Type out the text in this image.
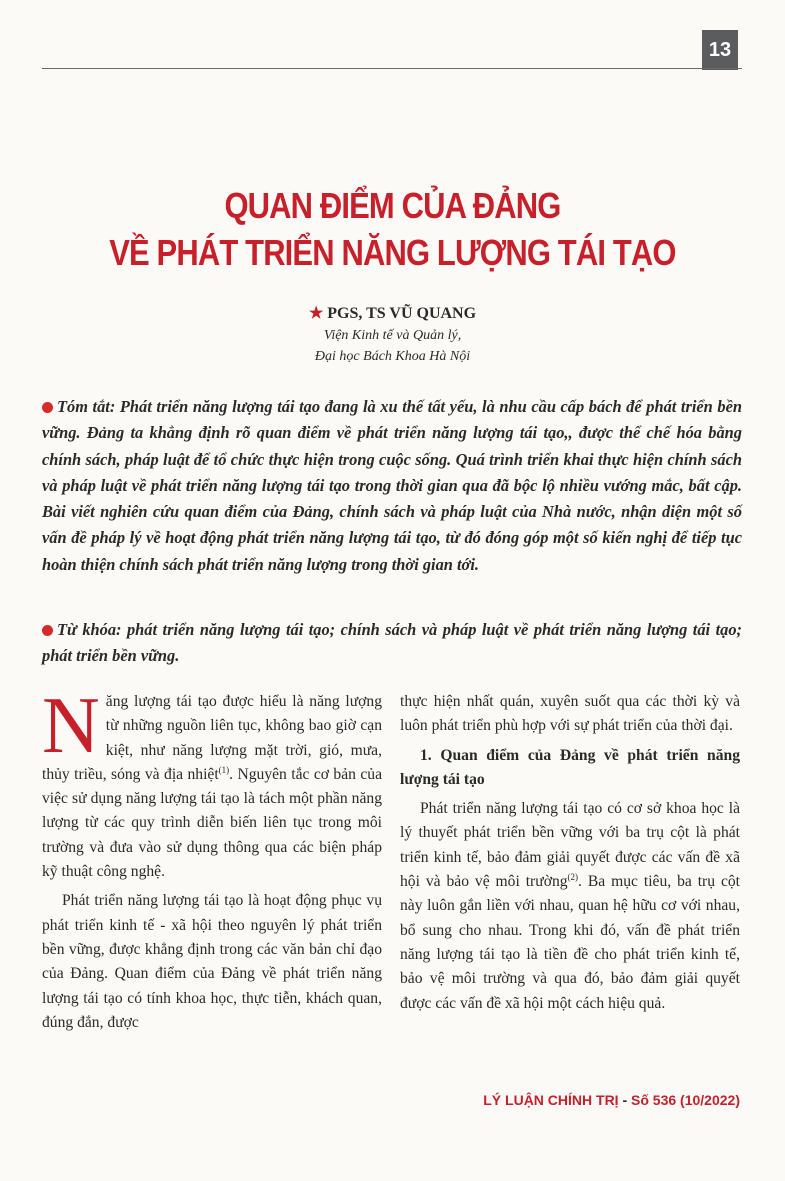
13
QUAN ĐIỂM CỦA ĐẢNG
VỀ PHÁT TRIỂN NĂNG LƯỢNG TÁI TẠO
★ PGS, TS VŨ QUANG
Viện Kinh tế và Quản lý,
Đại học Bách Khoa Hà Nội
Tóm tắt: Phát triển năng lượng tái tạo đang là xu thế tất yếu, là nhu cầu cấp bách để phát triển bền vững. Đảng ta khẳng định rõ quan điểm về phát triển năng lượng tái tạo,, được thể chế hóa bằng chính sách, pháp luật để tổ chức thực hiện trong cuộc sống. Quá trình triển khai thực hiện chính sách và pháp luật về phát triển năng lượng tái tạo trong thời gian qua đã bộc lộ nhiều vướng mắc, bất cập. Bài viết nghiên cứu quan điểm của Đảng, chính sách và pháp luật của Nhà nước, nhận diện một số vấn đề pháp lý về hoạt động phát triển năng lượng tái tạo, từ đó đóng góp một số kiến nghị để tiếp tục hoàn thiện chính sách phát triển năng lượng trong thời gian tới.
Từ khóa: phát triển năng lượng tái tạo; chính sách và pháp luật về phát triển năng lượng tái tạo; phát triển bền vững.

Năng lượng tái tạo được hiểu là năng lượng từ những nguồn liên tục, không bao giờ cạn kiệt, như năng lượng mặt trời, gió, mưa, thủy triều, sóng và địa nhiệt$^{(1)}$. Nguyên tắc cơ bản của việc sử dụng năng lượng tái tạo là tách một phần năng lượng từ các quy trình diễn biến liên tục trong môi trường và đưa vào sử dụng thông qua các biện pháp kỹ thuật công nghệ.

Phát triển năng lượng tái tạo là hoạt động phục vụ phát triển kinh tế - xã hội theo nguyên lý phát triển bền vững, được khẳng định trong các văn bản chỉ đạo của Đảng. Quan điểm của Đảng về phát triển năng lượng tái tạo có tính khoa học, thực tiễn, khách quan, đúng đắn, được

thực hiện nhất quán, xuyên suốt qua các thời kỳ và luôn phát triển phù hợp với sự phát triển của thời đại.

1. Quan điểm của Đảng về phát triển năng lượng tái tạo

Phát triển năng lượng tái tạo có cơ sở khoa học là lý thuyết phát triển bền vững với ba trụ cột là phát triển kinh tế, bảo đảm giải quyết được các vấn đề xã hội và bảo vệ môi trường$^{(2)}$. Ba mục tiêu, ba trụ cột này luôn gắn liền với nhau, quan hệ hữu cơ với nhau, bổ sung cho nhau. Trong khi đó, vấn đề phát triển năng lượng tái tạo là tiền đề cho phát triển kinh tế, bảo vệ môi trường và qua đó, bảo đảm giải quyết được các vấn đề xã hội một cách hiệu quả.

LÝ LUẬN CHÍNH TRỊ - Số 536 (10/2022)
